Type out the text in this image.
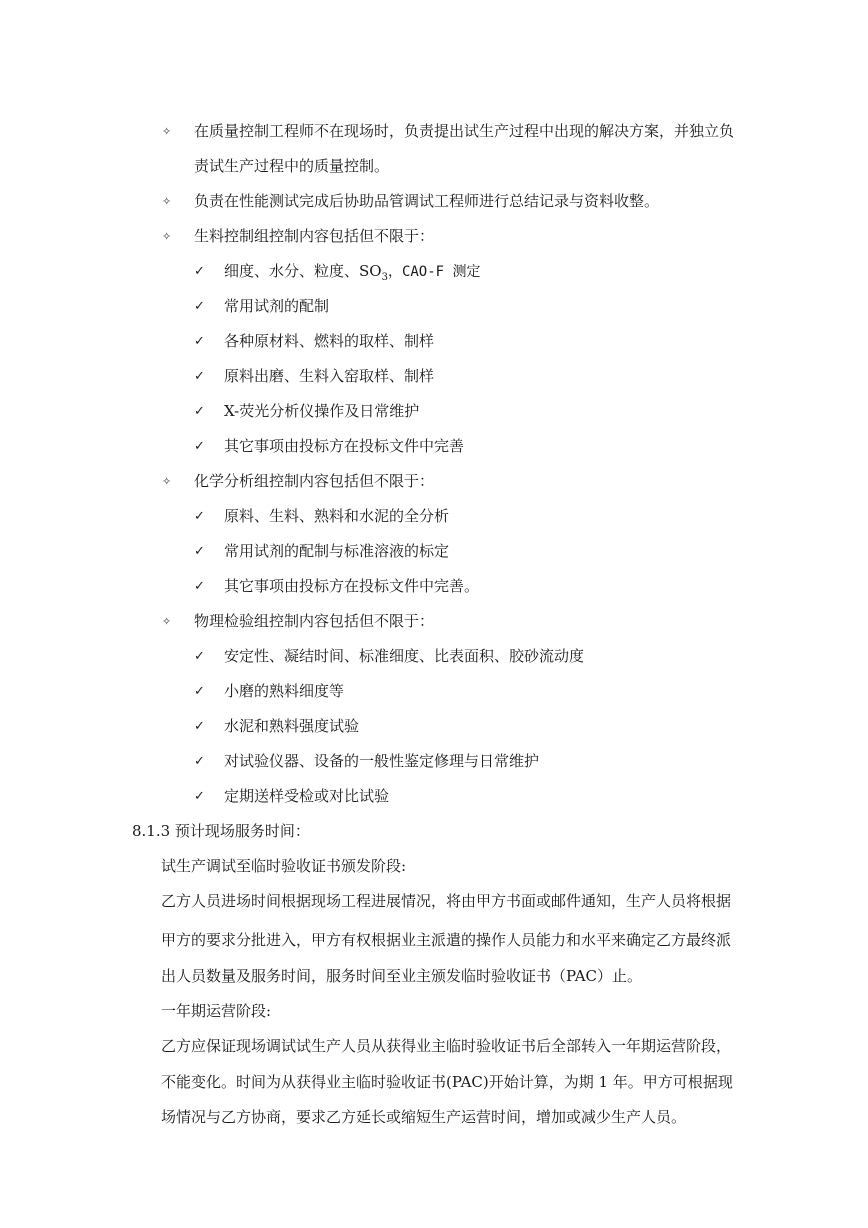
✧ 在质量控制工程师不在现场时，负责提出试生产过程中出现的解决方案，并独立负
责试生产过程中的质量控制。
✧ 负责在性能测试完成后协助品管调试工程师进行总结记录与资料收整。
✧ 生料控制组控制内容包括但不限于：
✓ 细度、水分、粒度、$SO_3$，CAO-F 测定
✓ 常用试剂的配制
✓ 各种原材料、燃料的取样、制样
✓ 原料出磨、生料入窑取样、制样
✓ X-荧光分析仪操作及日常维护
✓ 其它事项由投标方在投标文件中完善
✧ 化学分析组控制内容包括但不限于：
✓ 原料、生料、熟料和水泥的全分析
✓ 常用试剂的配制与标准溶液的标定
✓ 其它事项由投标方在投标文件中完善。
✧ 物理检验组控制内容包括但不限于：
✓ 安定性、凝结时间、标准细度、比表面积、胶砂流动度
✓ 小磨的熟料细度等
✓ 水泥和熟料强度试验
✓ 对试验仪器、设备的一般性鉴定修理与日常维护
✓ 定期送样受检或对比试验
8.1.3 预计现场服务时间：
试生产调试至临时验收证书颁发阶段:
乙方人员进场时间根据现场工程进展情况，将由甲方书面或邮件通知，生产人员将根据
甲方的要求分批进入，甲方有权根据业主派遣的操作人员能力和水平来确定乙方最终派
出人员数量及服务时间，服务时间至业主颁发临时验收证书（PAC）止。
一年期运营阶段:
乙方应保证现场调试试生产人员从获得业主临时验收证书后全部转入一年期运营阶段，
不能变化。时间为从获得业主临时验收证书(PAC)开始计算，为期 1 年。甲方可根据现
场情况与乙方协商，要求乙方延长或缩短生产运营时间，增加或减少生产人员。
